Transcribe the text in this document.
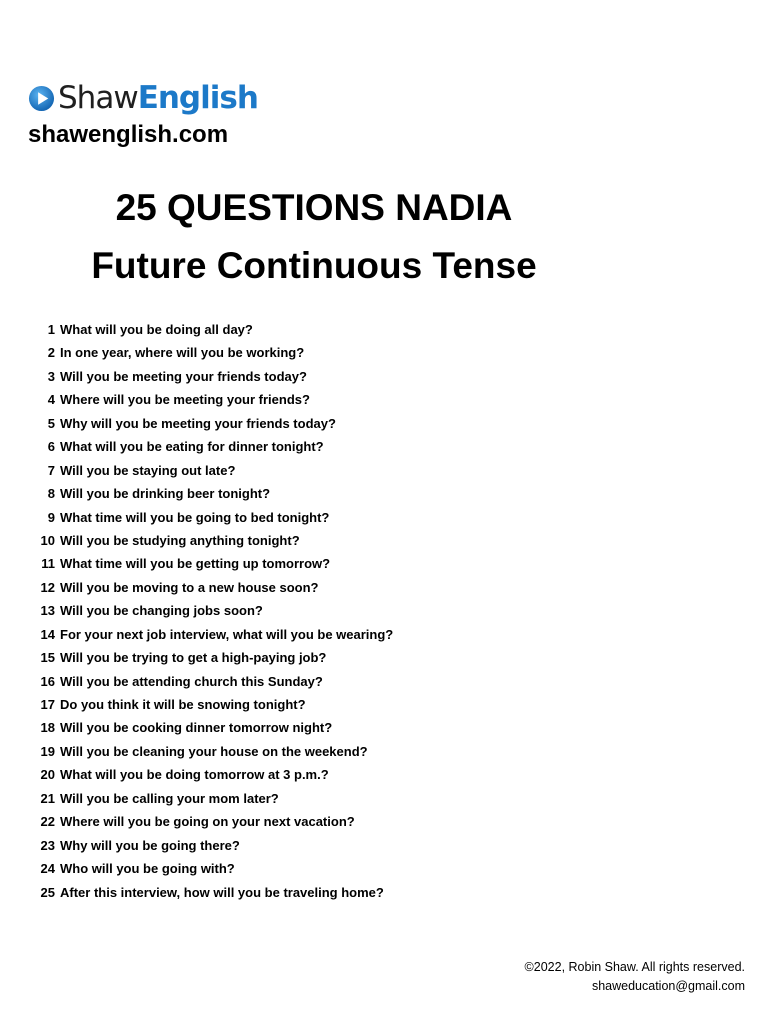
Shaw English
shawenglish.com
25 QUESTIONS NADIA
Future Continuous Tense
1 What will you be doing all day?
2 In one year, where will you be working?
3 Will you be meeting your friends today?
4 Where will you be meeting your friends?
5 Why will you be meeting your friends today?
6 What will you be eating for dinner tonight?
7 Will you be staying out late?
8 Will you be drinking beer tonight?
9 What time will you be going to bed tonight?
10 Will you be studying anything tonight?
11 What time will you be getting up tomorrow?
12 Will you be moving to a new house soon?
13 Will you be changing jobs soon?
14 For your next job interview, what will you be wearing?
15 Will you be trying to get a high-paying job?
16 Will you be attending church this Sunday?
17 Do you think it will be snowing tonight?
18 Will you be cooking dinner tomorrow night?
19 Will you be cleaning your house on the weekend?
20 What will you be doing tomorrow at 3 p.m.?
21 Will you be calling your mom later?
22 Where will you be going on your next vacation?
23 Why will you be going there?
24 Who will you be going with?
25 After this interview, how will you be traveling home?
©2022, Robin Shaw. All rights reserved.
shaweducation@gmail.com
